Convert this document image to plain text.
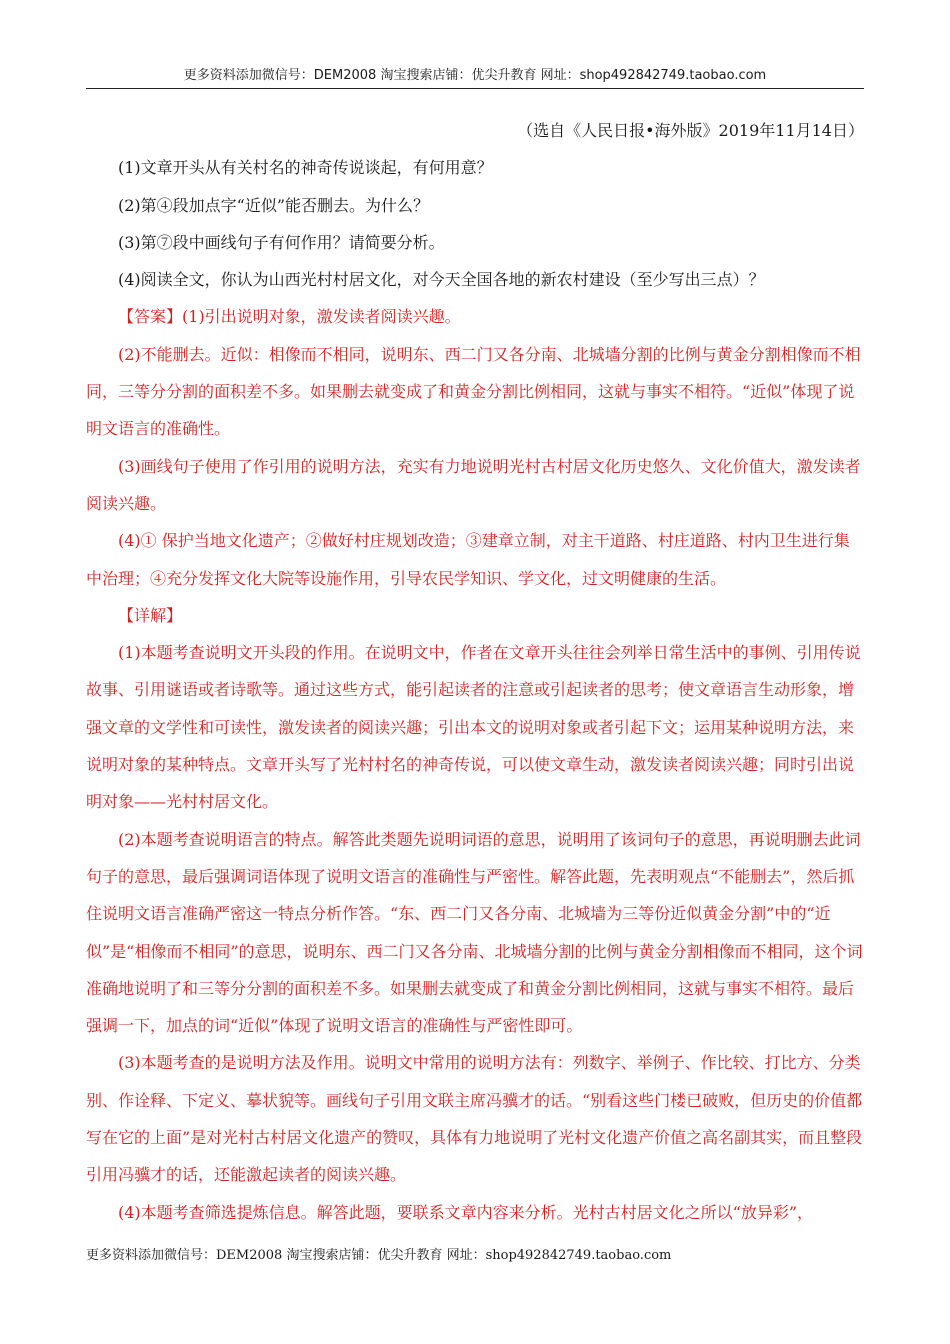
更多资料添加微信号：DEM2008 淘宝搜索店铺：优尖升教育 网址：shop492842749.taobao.com
（选自《人民日报•海外版》2019年11月14日）

(1)文章开头从有关村名的神奇传说谈起，有何用意？

(2)第④段加点字“近似”能否删去。为什么？

(3)第⑦段中画线句子有何作用？请简要分析。

(4)阅读全文，你认为山西光村村居文化，对今天全国各地的新农村建设（至少写出三点）？

【答案】(1)引出说明对象，激发读者阅读兴趣。

(2)不能删去。近似：相像而不相同，说明东、西二门又各分南、北城墙分割的比例与黄金分割相像而不相同，三等分分割的面积差不多。如果删去就变成了和黄金分割比例相同，这就与事实不相符。“近似”体现了说明文语言的准确性。

(3)画线句子使用了作引用的说明方法，充实有力地说明光村古村居文化历史悠久、文化价值大，激发读者阅读兴趣。

(4)① 保护当地文化遗产；②做好村庄规划改造；③建章立制，对主干道路、村庄道路、村内卫生进行集中治理；④充分发挥文化大院等设施作用，引导农民学知识、学文化，过文明健康的生活。

【详解】

(1)本题考查说明文开头段的作用。在说明文中，作者在文章开头往往会列举日常生活中的事例、引用传说故事、引用谜语或者诗歌等。通过这些方式，能引起读者的注意或引起读者的思考；使文章语言生动形象，增强文章的文学性和可读性，激发读者的阅读兴趣；引出本文的说明对象或者引起下文；运用某种说明方法，来说明对象的某种特点。文章开头写了光村村名的神奇传说，可以使文章生动，激发读者阅读兴趣；同时引出说明对象——光村村居文化。

(2)本题考查说明语言的特点。解答此类题先说明词语的意思，说明用了该词句子的意思，再说明删去此词句子的意思，最后强调词语体现了说明文语言的准确性与严密性。解答此题，先表明观点“不能删去”，然后抓住说明文语言准确严密这一特点分析作答。“东、西二门又各分南、北城墙为三等份近似黄金分割”中的“近似”是“相像而不相同”的意思，说明东、西二门又各分南、北城墙分割的比例与黄金分割相像而不相同，这个词准确地说明了和三等分分割的面积差不多。如果删去就变成了和黄金分割比例相同，这就与事实不相符。最后强调一下，加点的词“近似”体现了说明文语言的准确性与严密性即可。

(3)本题考查的是说明方法及作用。说明文中常用的说明方法有：列数字、举例子、作比较、打比方、分类别、作诠释、下定义、摹状貌等。画线句子引用文联主席冯骥才的话。“别看这些门楼已破败，但历史的价值都写在它的上面”是对光村古村居文化遗产的赞叹，具体有力地说明了光村文化遗产价值之高名副其实，而且整段引用冯骥才的话，还能激起读者的阅读兴趣。

(4)本题考查筛选提炼信息。解答此题，要联系文章内容来分析。光村古村居文化之所以“放异彩”，

更多资料添加微信号：DEM2008 淘宝搜索店铺：优尖升教育 网址：shop492842749.taobao.com
